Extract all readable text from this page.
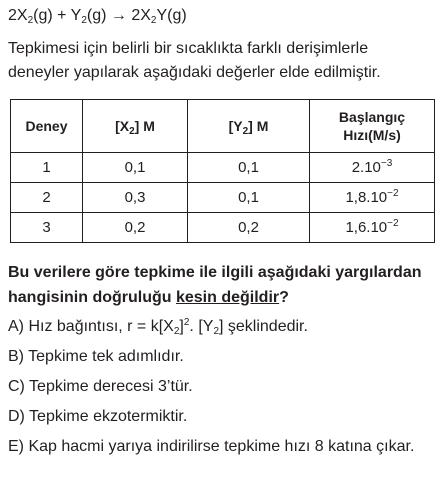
$2X_2(g) + Y_2(g) \to 2X_2Y(g)$
Tepkimesi için belirli bir sıcaklıkta farklı derişimlerle deneyler yapılarak aşağıdaki değerler elde edilmiştir.
Deney	$[X_2]$ M	$[Y_2]$ M	Başlangıç
Hızı(M/s)
1	0,1	0,1	$2.10^{-3}$
2	0,3	0,1	$1,8.10^{-2}$
3	0,2	0,2	$1,6.10^{-2}$
Bu verilere göre tepkime ile ilgili aşağıdaki yargılardan hangisinin doğruluğu kesin değildir?
A) Hız bağıntısı, $r = k[X_2]^2$. $[Y_2]$ şeklindedir.
B) Tepkime tek adımlıdır.
C) Tepkime derecesi 3’tür.
D) Tepkime ekzotermiktir.
E) Kap hacmi yarıya indirilirse tepkime hızı 8 katına çıkar.
